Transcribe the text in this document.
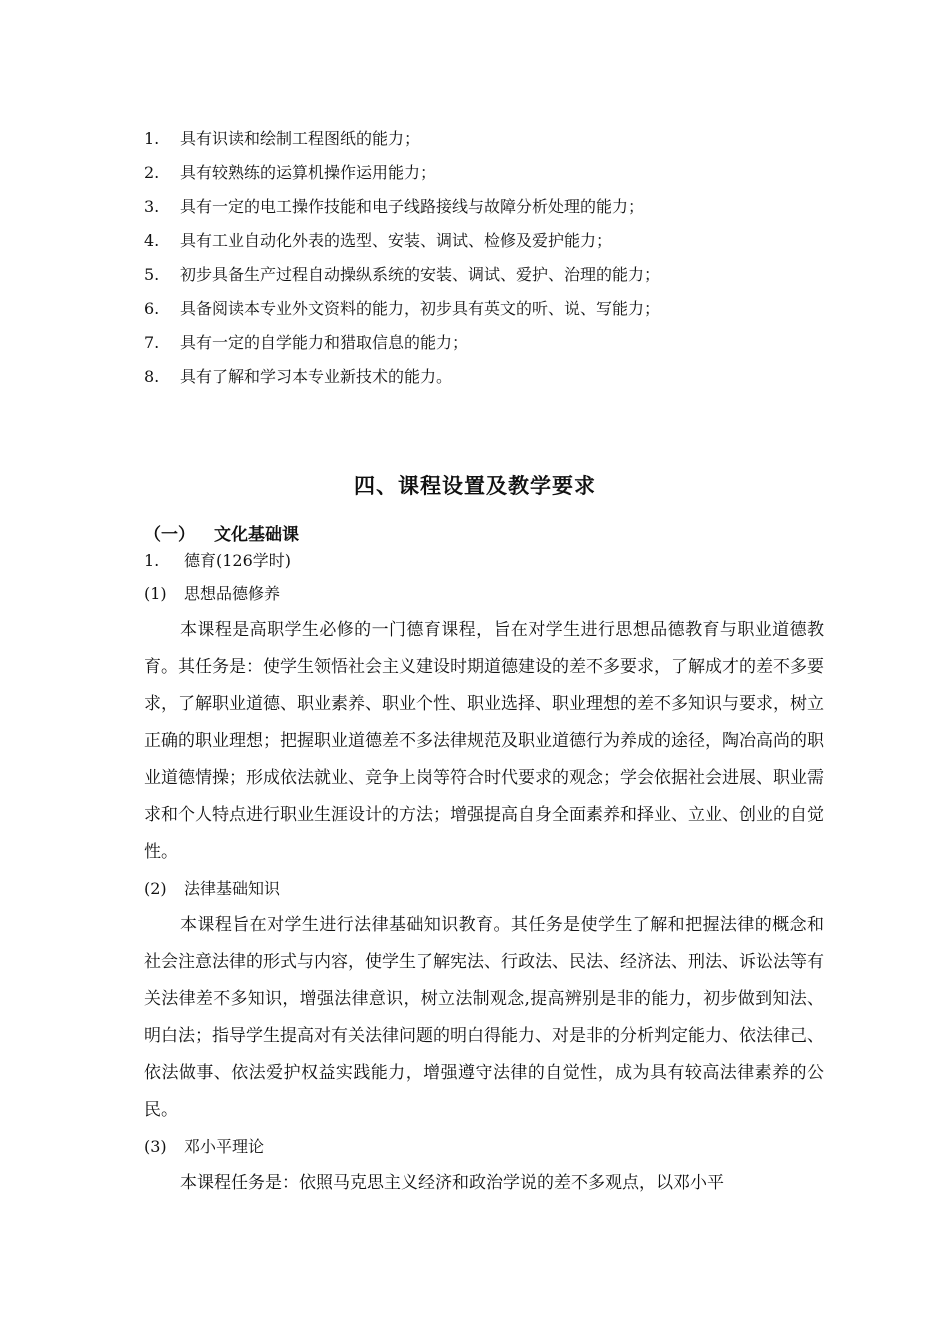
1. 具有识读和绘制工程图纸的能力；
2. 具有较熟练的运算机操作运用能力；
3. 具有一定的电工操作技能和电子线路接线与故障分析处理的能力；
4. 具有工业自动化外表的选型、安装、调试、检修及爱护能力；
5. 初步具备生产过程自动操纵系统的安装、调试、爱护、治理的能力；
6. 具备阅读本专业外文资料的能力，初步具有英文的听、说、写能力；
7. 具有一定的自学能力和猎取信息的能力；
8. 具有了解和学习本专业新技术的能力。
四、课程设置及教学要求
（一） 文化基础课
1. 德育(126学时)
(1) 思想品德修养

本课程是高职学生必修的一门德育课程，旨在对学生进行思想品德教育与职业道德教育。其任务是：使学生领悟社会主义建设时期道德建设的差不多要求，了解成才的差不多要求，了解职业道德、职业素养、职业个性、职业选择、职业理想的差不多知识与要求，树立正确的职业理想；把握职业道德差不多法律规范及职业道德行为养成的途径，陶冶高尚的职业道德情操；形成依法就业、竞争上岗等符合时代要求的观念；学会依据社会进展、职业需求和个人特点进行职业生涯设计的方法；增强提高自身全面素养和择业、立业、创业的自觉性。

(2) 法律基础知识

本课程旨在对学生进行法律基础知识教育。其任务是使学生了解和把握法律的概念和社会注意法律的形式与内容，使学生了解宪法、行政法、民法、经济法、刑法、诉讼法等有关法律差不多知识，增强法律意识，树立法制观念,提高辨别是非的能力，初步做到知法、明白法；指导学生提高对有关法律问题的明白得能力、对是非的分析判定能力、依法律己、依法做事、依法爱护权益实践能力，增强遵守法律的自觉性，成为具有较高法律素养的公民。

(3) 邓小平理论

本课程任务是：依照马克思主义经济和政治学说的差不多观点，以邓小平
